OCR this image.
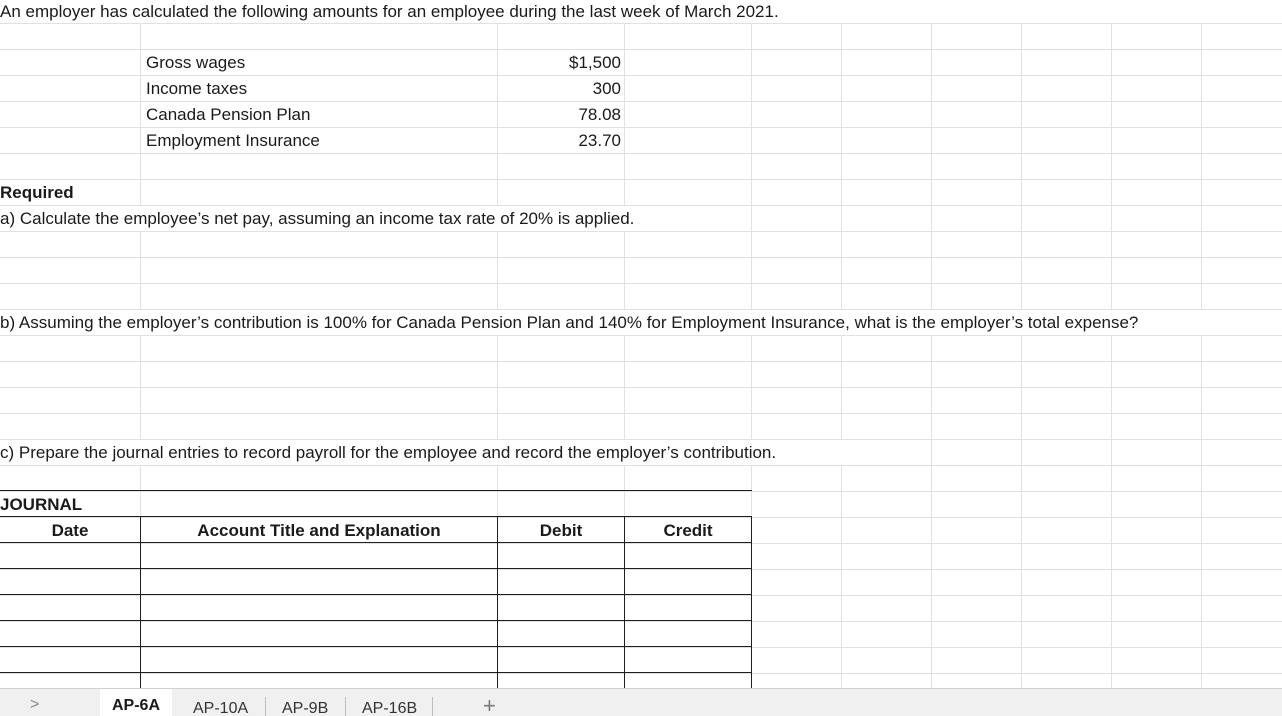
An employer has calculated the following amounts for an employee during the last week of March 2021.
Gross wages	$1,500
Income taxes	300
Canada Pension Plan	78.08
Employment Insurance	23.70
Required
a) Calculate the employee’s net pay, assuming an income tax rate of 20% is applied.
b) Assuming the employer’s contribution is 100% for Canada Pension Plan and 140% for Employment Insurance, what is the employer’s total expense?
c) Prepare the journal entries to record payroll for the employee and record the employer’s contribution.
JOURNAL
Date	Account Title and Explanation	Debit	Credit
>	AP-6A	AP-10A AP-9B AP-16B	+
